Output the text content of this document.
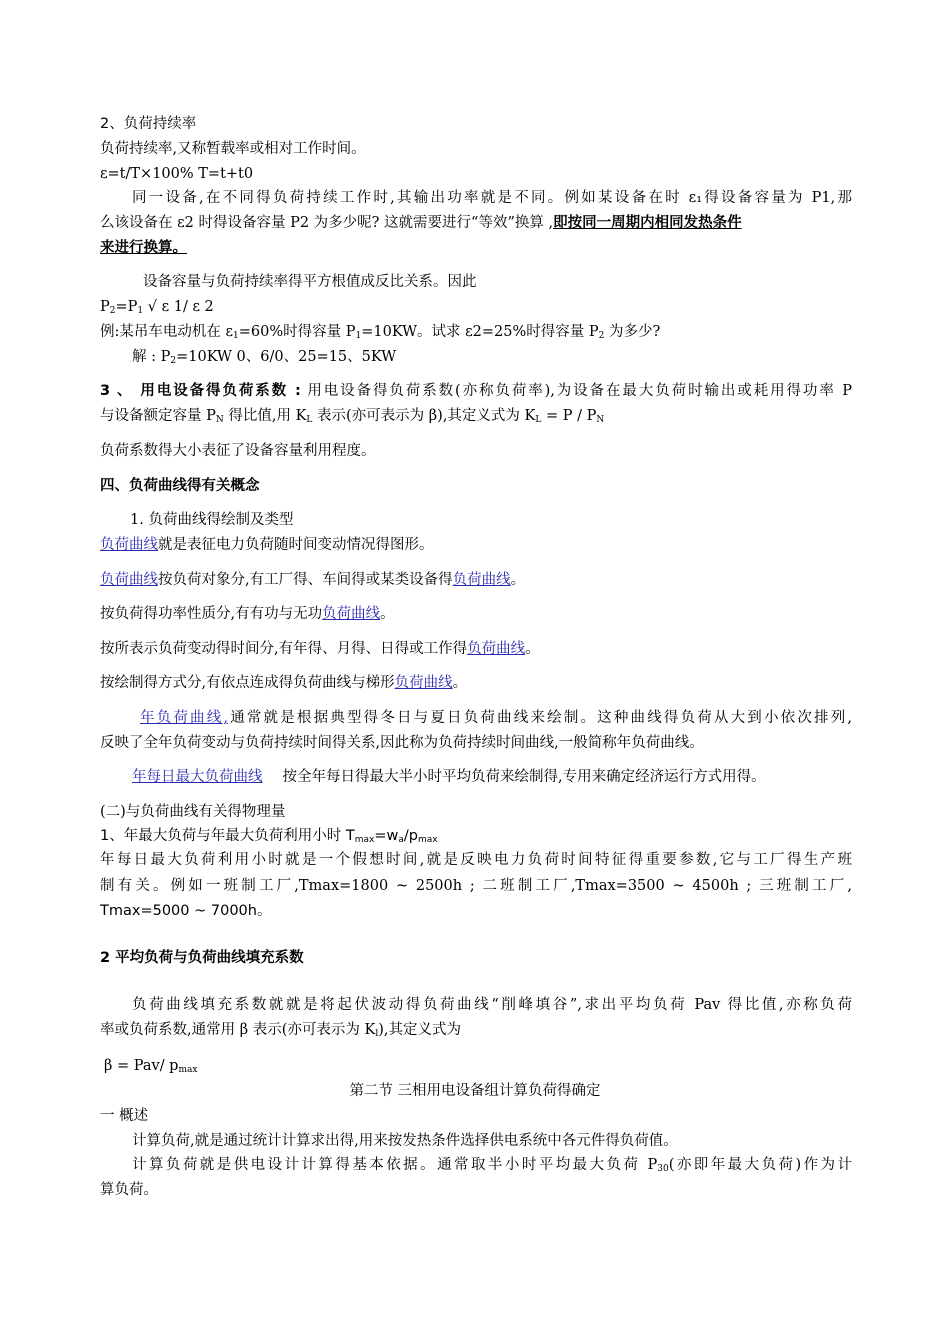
2、负荷持续率
负荷持续率,又称暂载率或相对工作时间。
ε=t/T×100% T=t+t0
同一设备,在不同得负荷持续工作时,其输出功率就是不同。例如某设备在时 ε₁得设备容量为 P1,那
么该设备在 ε2 时得设备容量 P2 为多少呢? 这就需要进行“等效”换算 ,即按同一周期内相同发热条件
来进行换算。
设备容量与负荷持续率得平方根值成反比关系。因此
$P_2=P_1$ √ ε 1/ ε 2
例:某吊车电动机在 $\varepsilon_1=60\%$时得容量 $P_1=10KW$。试求 ε2=25%时得容量 $P_2$ 为多少?
解 : $P_2=10KW$ 0、6/0、25=15、5KW
3 、 用电设备得负荷系数 : 用电设备得负荷系数(亦称负荷率),为设备在最大负荷时输出或耗用得功率 P
与设备额定容量 $P_N$ 得比值,用 $K_L$ 表示(亦可表示为 β),其定义式为 $K_L = P / P_N$
负荷系数得大小表征了设备容量利用程度。
四、负荷曲线得有关概念
1. 负荷曲线得绘制及类型
负荷曲线就是表征电力负荷随时间变动情况得图形。
负荷曲线按负荷对象分,有工厂得、车间得或某类设备得负荷曲线。
按负荷得功率性质分,有有功与无功负荷曲线。
按所表示负荷变动得时间分,有年得、月得、日得或工作得负荷曲线。
按绘制得方式分,有依点连成得负荷曲线与梯形负荷曲线。
年负荷曲线,通常就是根据典型得冬日与夏日负荷曲线来绘制。这种曲线得负荷从大到小依次排列,
反映了全年负荷变动与负荷持续时间得关系,因此称为负荷持续时间曲线,一般简称年负荷曲线。
年每日最大负荷曲线 按全年每日得最大半小时平均负荷来绘制得,专用来确定经济运行方式用得。
(二)与负荷曲线有关得物理量
1、年最大负荷与年最大负荷利用小时 $T_{max}=w_a/p_{max}$
年每日最大负荷利用小时就是一个假想时间,就是反映电力负荷时间特征得重要参数,它与工厂得生产班
制有关。例如一班制工厂,Tmax=1800 ~ 2500h ; 二班制工厂,Tmax=3500 ~ 4500h ; 三班制工厂,
Tmax=5000 ~ 7000h。
2 平均负荷与负荷曲线填充系数
负荷曲线填充系数就就是将起伏波动得负荷曲线“削峰填谷”,求出平均负荷 Pav 得比值,亦称负荷
率或负荷系数,通常用 β 表示(亦可表示为 $K_l$),其定义式为
β = Pav/ $p_{max}$
第二节 三相用电设备组计算负荷得确定
一 概述
计算负荷,就是通过统计计算求出得,用来按发热条件选择供电系统中各元件得负荷值。
计算负荷就是供电设计计算得基本依据。通常取半小时平均最大负荷 $P_{30}$(亦即年最大负荷)作为计
算负荷。
